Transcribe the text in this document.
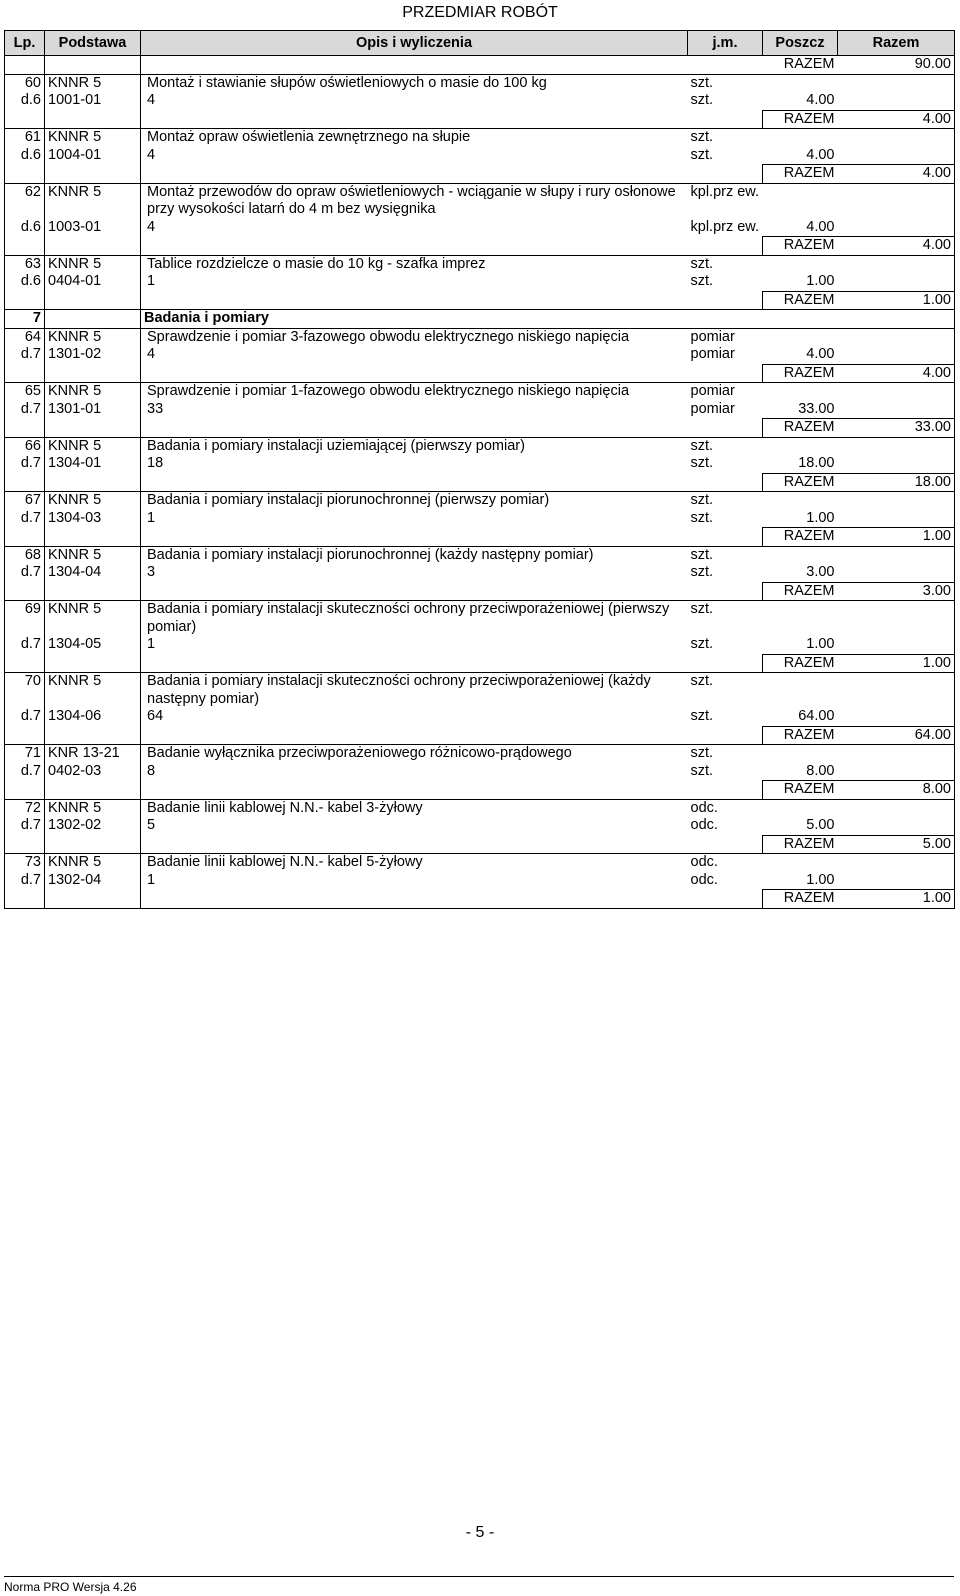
PRZEDMIAR ROBÓT
Lp.	Podstawa	Opis i wyliczenia	j.m.	Poszcz	Razem
				RAZEM	90.00
60	KNNR 5	Montaż i stawianie słupów oświetleniowych o masie do 100 kg	szt.		
d.6	1001-01	4	szt.	4.00	
				RAZEM	4.00
61	KNNR 5	Montaż opraw oświetlenia zewnętrznego na słupie	szt.		
d.6	1004-01	4	szt.	4.00	
				RAZEM	4.00
62	KNNR 5	Montaż przewodów do opraw oświetleniowych - wciąganie w słupy i rury osłonowe przy wysokości latarń do 4 m bez wysięgnika	kpl.prz ew.		
d.6	1003-01	4	kpl.prz ew.	4.00	
				RAZEM	4.00
63	KNNR 5	Tablice rozdzielcze o masie do 10 kg - szafka imprez	szt.		
d.6	0404-01	1	szt.	1.00	
				RAZEM	1.00
7		Badania i pomiary			
64	KNNR 5	Sprawdzenie i pomiar 3-fazowego obwodu elektrycznego niskiego napięcia	pomiar		
d.7	1301-02	4	pomiar	4.00	
				RAZEM	4.00
65	KNNR 5	Sprawdzenie i pomiar 1-fazowego obwodu elektrycznego niskiego napięcia	pomiar		
d.7	1301-01	33	pomiar	33.00	
				RAZEM	33.00
66	KNNR 5	Badania i pomiary instalacji uziemiającej (pierwszy pomiar)	szt.		
d.7	1304-01	18	szt.	18.00	
				RAZEM	18.00
67	KNNR 5	Badania i pomiary instalacji piorunochronnej (pierwszy pomiar)	szt.		
d.7	1304-03	1	szt.	1.00	
				RAZEM	1.00
68	KNNR 5	Badania i pomiary instalacji piorunochronnej (każdy następny pomiar)	szt.		
d.7	1304-04	3	szt.	3.00	
				RAZEM	3.00
69	KNNR 5	Badania i pomiary instalacji skuteczności ochrony przeciwporażeniowej (pierwszy pomiar)	szt.		
d.7	1304-05	1	szt.	1.00	
				RAZEM	1.00
70	KNNR 5	Badania i pomiary instalacji skuteczności ochrony przeciwporażeniowej (każdy następny pomiar)	szt.		
d.7	1304-06	64	szt.	64.00	
				RAZEM	64.00
71	KNR 13-21	Badanie wyłącznika przeciwporażeniowego różnicowo-prądowego	szt.		
d.7	0402-03	8	szt.	8.00	
				RAZEM	8.00
72	KNNR 5	Badanie linii kablowej N.N.- kabel 3-żyłowy	odc.		
d.7	1302-02	5	odc.	5.00	
				RAZEM	5.00
73	KNNR 5	Badanie linii kablowej N.N.- kabel 5-żyłowy	odc.		
d.7	1302-04	1	odc.	1.00	
				RAZEM	1.00
- 5 -
Norma PRO Wersja 4.26
